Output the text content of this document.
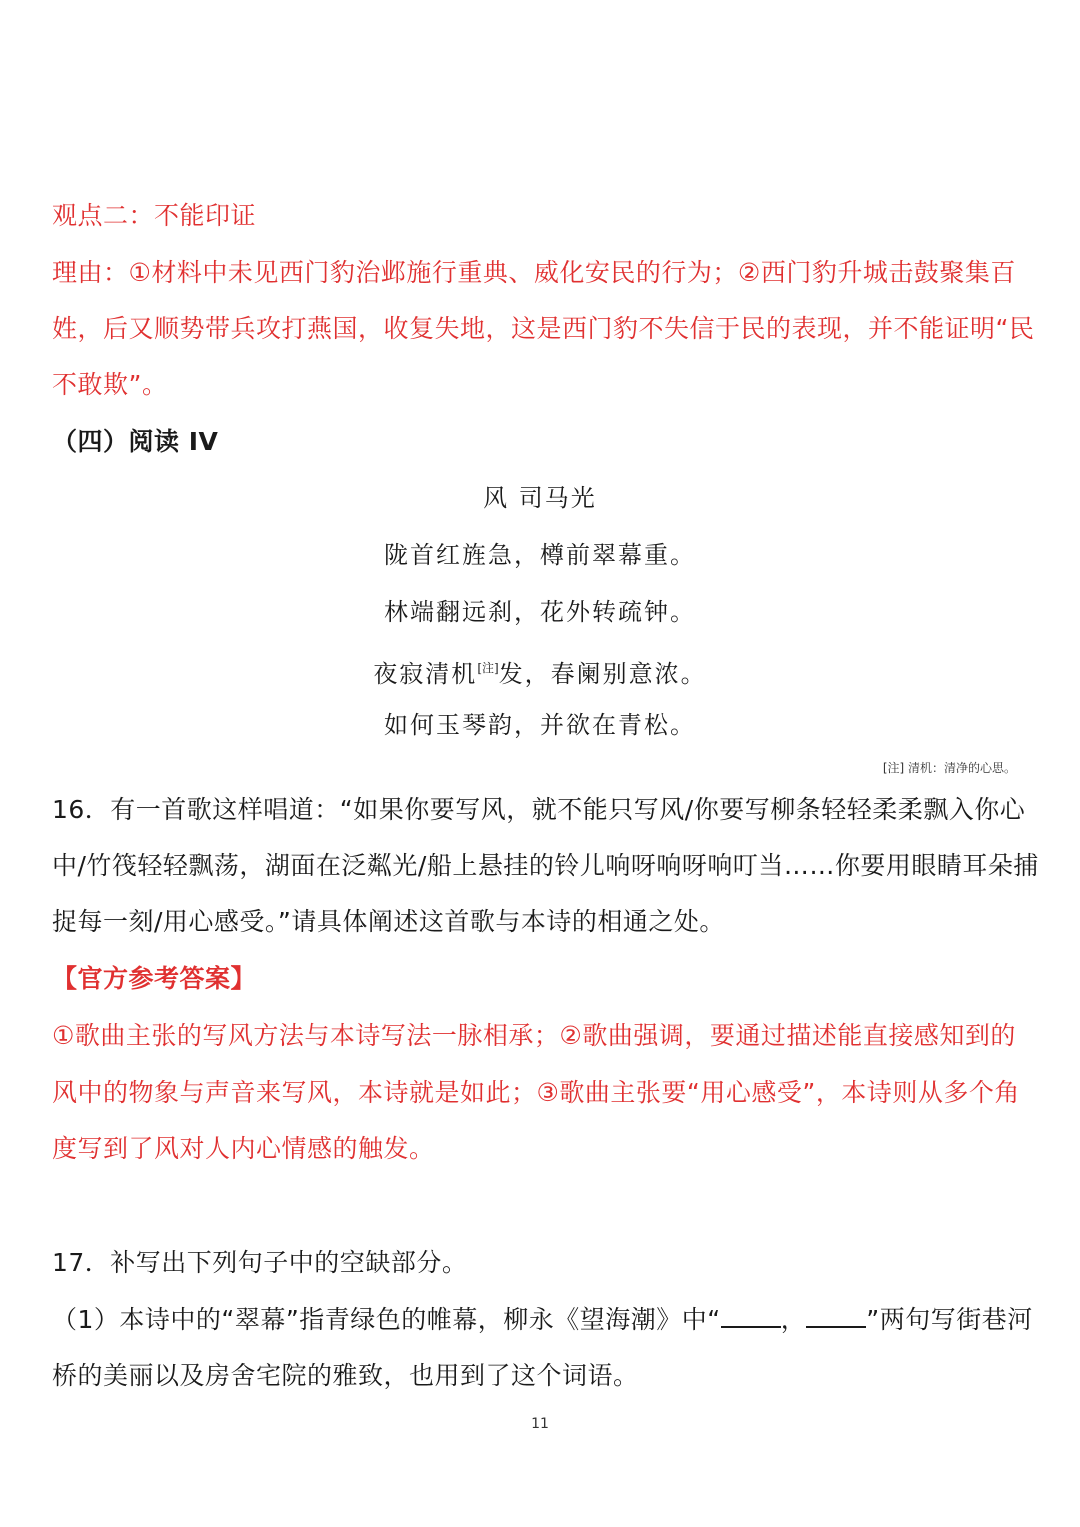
观点二：不能印证
理由：①材料中未见西门豹治邺施行重典、威化安民的行为；②西门豹升城击鼓聚集百
姓，后又顺势带兵攻打燕国，收复失地，这是西门豹不失信于民的表现，并不能证明“民
不敢欺”。
（四）阅读 IV
风 司马光
陇首红旌急，樽前翠幕重。
林端翻远刹，花外转疏钟。
夜寂清机[注]发，春阑别意浓。
如何玉琴韵，并欲在青松。
[注] 清机：清净的心思。
16．有一首歌这样唱道：“如果你要写风，就不能只写风/你要写柳条轻轻柔柔飘入你心
中/竹筏轻轻飘荡，湖面在泛粼光/船上悬挂的铃儿响呀响呀响叮当……你要用眼睛耳朵捕
捉每一刻/用心感受。”请具体阐述这首歌与本诗的相通之处。
【官方参考答案】
①歌曲主张的写风方法与本诗写法一脉相承；②歌曲强调，要通过描述能直接感知到的
风中的物象与声音来写风，本诗就是如此；③歌曲主张要“用心感受”，本诗则从多个角
度写到了风对人内心情感的触发。
17．补写出下列句子中的空缺部分。
（1）本诗中的“翠幕”指青绿色的帷幕，柳永《望海潮》中“ ， ”两句写街巷河
桥的美丽以及房舍宅院的雅致，也用到了这个词语。
11
